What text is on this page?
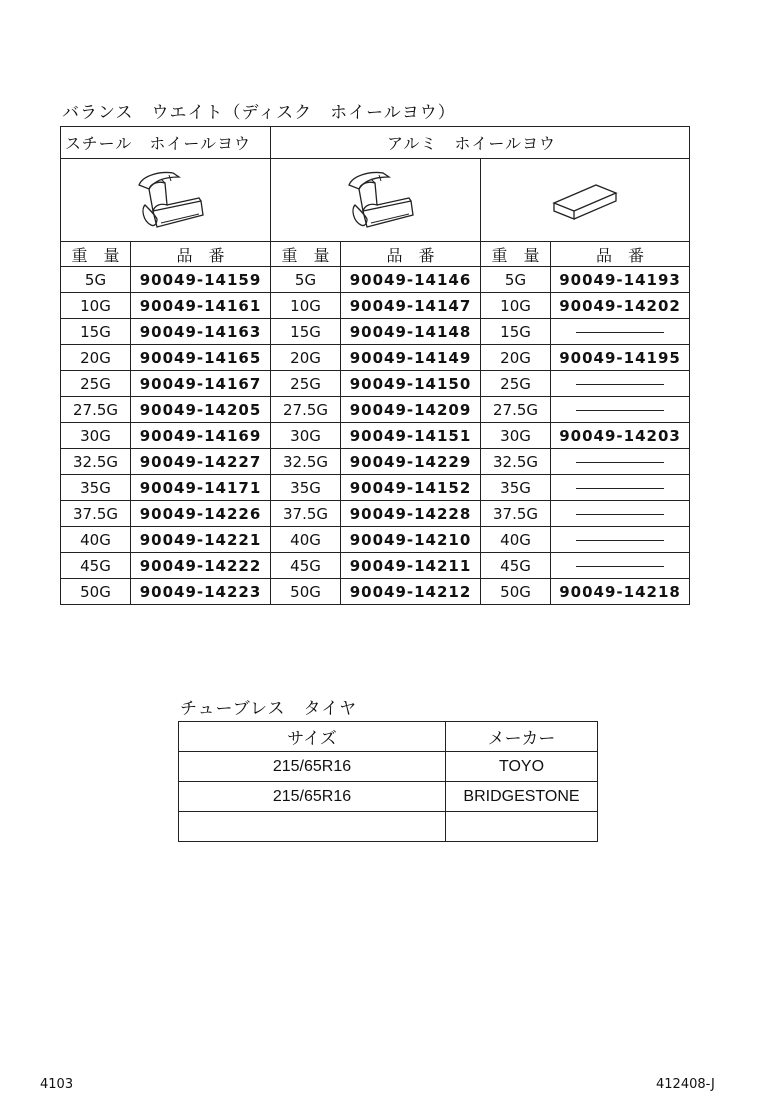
バランス　ウエイト（ディスク　ホイールヨウ）
スチール　ホイールヨウ		アルミ　ホイールヨウ			

重　量	品　番	重　量	品　番	重　量	品　番
5G	90049-14159	5G	90049-14146	5G	90049-14193
10G	90049-14161	10G	90049-14147	10G	90049-14202
15G	90049-14163	15G	90049-14148	15G	
20G	90049-14165	20G	90049-14149	20G	90049-14195
25G	90049-14167	25G	90049-14150	25G	
27.5G	90049-14205	27.5G	90049-14209	27.5G	
30G	90049-14169	30G	90049-14151	30G	90049-14203
32.5G	90049-14227	32.5G	90049-14229	32.5G	
35G	90049-14171	35G	90049-14152	35G	
37.5G	90049-14226	37.5G	90049-14228	37.5G	
40G	90049-14221	40G	90049-14210	40G	
45G	90049-14222	45G	90049-14211	45G	
50G	90049-14223	50G	90049-14212	50G	90049-14218
チューブレス　タイヤ
サイズ	メーカー
215/65R16	TOYO
215/65R16	BRIDGESTONE

4103	412408-J
